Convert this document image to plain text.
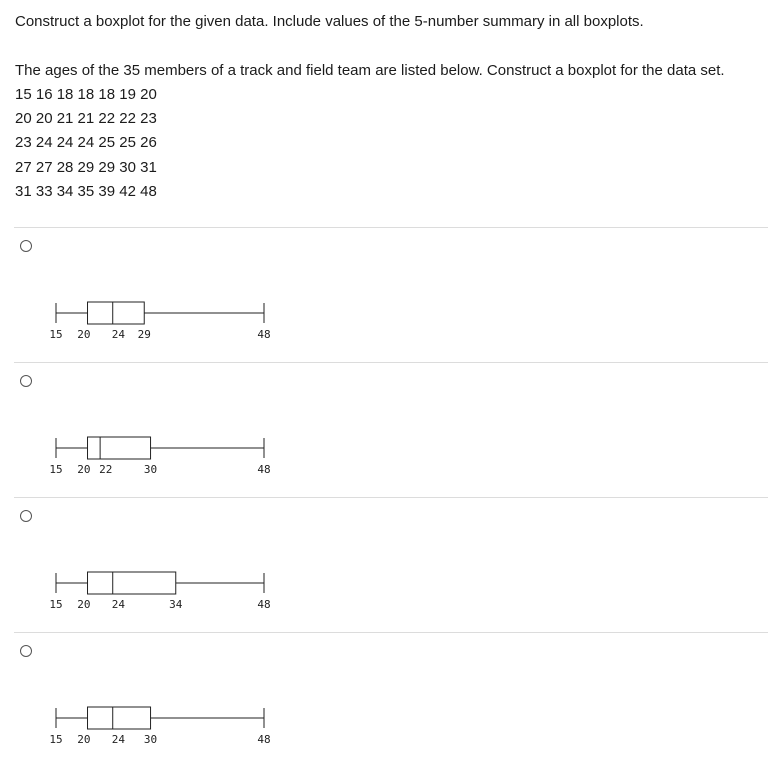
Construct a boxplot for the given data. Include values of the 5-number summary in all boxplots.
The ages of the 35 members of a track and field team are listed below. Construct a boxplot for the data set.
15 16 18 18 18 19 20
20 20 21 21 22 22 23
23 24 24 24 25 25 26
27 27 28 29 29 30 31
31 33 34 35 39 42 48
15 20 24 29	48
15 20 22	30	48
15 20 24	34	48
15 20 24 30	48
